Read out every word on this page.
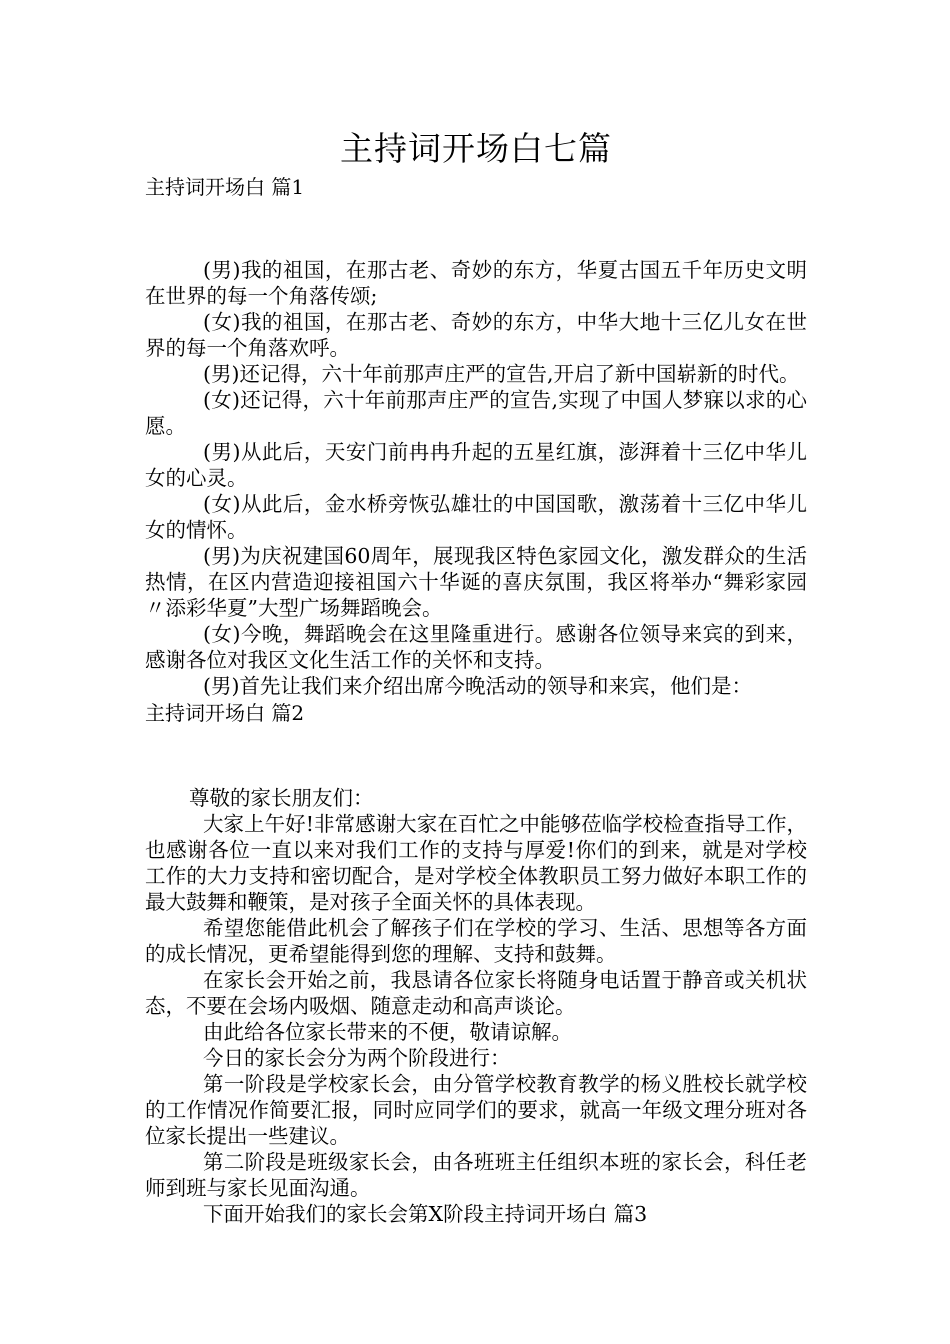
主持词开场白七篇

主持词开场白 篇1

(男)我的祖国，在那古老、奇妙的东方，华夏古国五千年历史文明在世界的每一个角落传颂;

(女)我的祖国，在那古老、奇妙的东方，中华大地十三亿儿女在世界的每一个角落欢呼。

(男)还记得，六十年前那声庄严的宣告,开启了新中国崭新的时代。

(女)还记得，六十年前那声庄严的宣告,实现了中国人梦寐以求的心愿。

(男)从此后，天安门前冉冉升起的五星红旗，澎湃着十三亿中华儿女的心灵。

(女)从此后，金水桥旁恢弘雄壮的中国国歌，激荡着十三亿中华儿女的情怀。

(男)为庆祝建国60周年，展现我区特色家园文化，激发群众的生活热情，在区内营造迎接祖国六十华诞的喜庆氛围，我区将举办“舞彩家园〃添彩华夏”大型广场舞蹈晚会。

(女)今晚，舞蹈晚会在这里隆重进行。感谢各位领导来宾的到来，感谢各位对我区文化生活工作的关怀和支持。

(男)首先让我们来介绍出席今晚活动的领导和来宾，他们是：

主持词开场白 篇2

尊敬的家长朋友们：

大家上午好!非常感谢大家在百忙之中能够莅临学校检查指导工作，也感谢各位一直以来对我们工作的支持与厚爱!你们的到来，就是对学校工作的大力支持和密切配合，是对学校全体教职员工努力做好本职工作的最大鼓舞和鞭策，是对孩子全面关怀的具体表现。

希望您能借此机会了解孩子们在学校的学习、生活、思想等各方面的成长情况，更希望能得到您的理解、支持和鼓舞。

在家长会开始之前，我恳请各位家长将随身电话置于静音或关机状态，不要在会场内吸烟、随意走动和高声谈论。

由此给各位家长带来的不便，敬请谅解。

今日的家长会分为两个阶段进行：

第一阶段是学校家长会，由分管学校教育教学的杨义胜校长就学校的工作情况作简要汇报，同时应同学们的要求，就高一年级文理分班对各位家长提出一些建议。

第二阶段是班级家长会，由各班班主任组织本班的家长会，科任老师到班与家长见面沟通。

下面开始我们的家长会第X阶段主持词开场白 篇3
